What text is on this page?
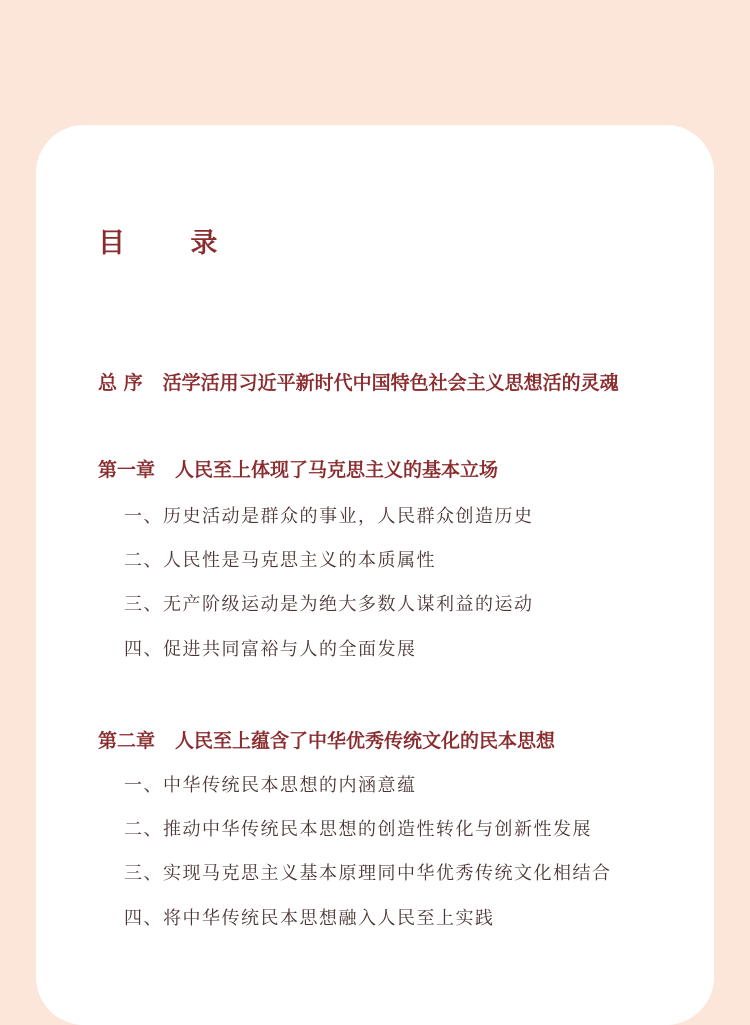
目 录
总 序 活学活用习近平新时代中国特色社会主义思想活的灵魂
第一章 人民至上体现了马克思主义的基本立场
一、历史活动是群众的事业，人民群众创造历史
二、人民性是马克思主义的本质属性
三、无产阶级运动是为绝大多数人谋利益的运动
四、促进共同富裕与人的全面发展
第二章 人民至上蕴含了中华优秀传统文化的民本思想
一、中华传统民本思想的内涵意蕴
二、推动中华传统民本思想的创造性转化与创新性发展
三、实现马克思主义基本原理同中华优秀传统文化相结合
四、将中华传统民本思想融入人民至上实践
